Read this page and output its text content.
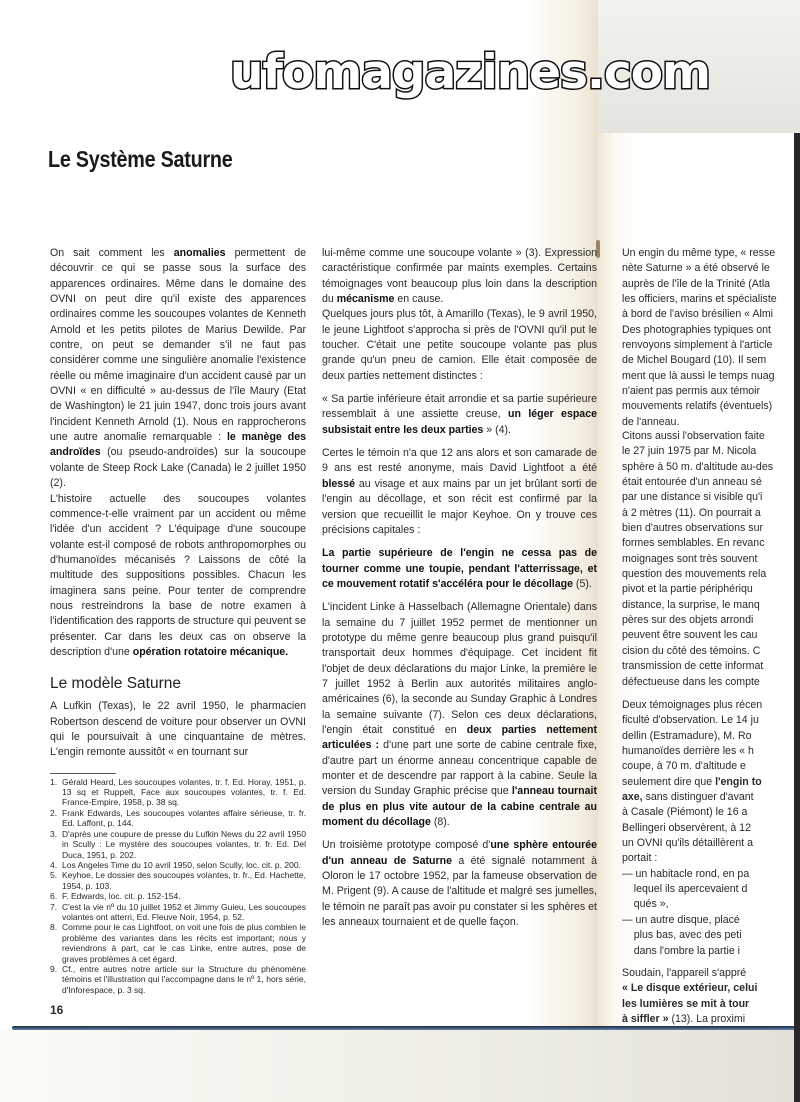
ufomagazines.com
Le Système Saturne

On sait comment les anomalies permettent de découvrir ce qui se passe sous la surface des apparences ordinaires. Même dans le domaine des OVNI on peut dire qu'il existe des apparences ordinaires comme les soucoupes volantes de Kenneth Arnold et les petits pilotes de Marius Dewilde. Par contre, on peut se demander s'il ne faut pas considérer comme une singulière anomalie l'existence réelle ou même imaginaire d'un accident causé par un OVNI « en difficulté » au-dessus de l'île Maury (Etat de Washington) le 21 juin 1947, donc trois jours avant l'incident Kenneth Arnold (1). Nous en rapprocherons une autre anomalie remarquable : le manège des androïdes (ou pseudo-androïdes) sur la soucoupe volante de Steep Rock Lake (Canada) le 2 juillet 1950 (2).

L'histoire actuelle des soucoupes volantes commence-t-elle vraiment par un accident ou même l'idée d'un accident ? L'équipage d'une soucoupe volante est-il composé de robots anthropomorphes ou d'humanoïdes mécanisés ? Laissons de côté la multitude des suppositions possibles. Chacun les imaginera sans peine. Pour tenter de comprendre nous restreindrons la base de notre examen à l'identification des rapports de structure qui peuvent se présenter. Car dans les deux cas on observe la description d'une opération rotatoire mécanique.

Le modèle Saturne

A Lufkin (Texas), le 22 avril 1950, le pharmacien Robertson descend de voiture pour observer un OVNI qui le poursuivait à une cinquantaine de mètres. L'engin remonte aussitôt « en tournant sur

1. Gérald Heard, Les soucoupes volantes, tr. f. Ed. Horay, 1951, p. 13 sq et Ruppelt, Face aux soucoupes volantes, tr. f. Ed. France-Empire, 1958, p. 38 sq.
2. Frank Edwards, Les soucoupes volantes affaire sérieuse, tr. fr. Ed. Laffont, p. 144.
3. D'après une coupure de presse du Lufkin News du 22 avril 1950 in Scully : Le mystère des soucoupes volantes, tr. fr. Ed. Del Duca, 1951, p. 202.
4. Los Angeles Time du 10 avril 1950, selon Scully, loc. cit. p. 200.
5. Keyhoe, Le dossier des soucoupes volantes, tr. fr., Ed. Hachette, 1954, p. 103.
6. F. Edwards, loc. cit. p. 152-154.
7. C'est la vie nº du 10 juillet 1952 et Jimmy Guieu, Les soucoupes volantes ont atterri, Ed. Fleuve Noir, 1954, p. 52.
8. Comme pour le cas Lightfoot, on voit une fois de plus combien le problème des variantes dans les récits est important; nous y reviendrons à part, car le cas Linke, entre autres, pose de graves problèmes à cet égard.
9. Cf., entre autres notre article sur la Structure du phénomène témoins et l'illustration qui l'accompagne dans le nº 1, hors série, d'Inforespace, p. 3 sq.
16

lui-même comme une soucoupe volante » (3). Expression caractéristique confirmée par maints exemples. Certains témoignages vont beaucoup plus loin dans la description du mécanisme en cause.

Quelques jours plus tôt, à Amarillo (Texas), le 9 avril 1950, le jeune Lightfoot s'approcha si près de l'OVNI qu'il put le toucher. C'était une petite soucoupe volante pas plus grande qu'un pneu de camion. Elle était composée de deux parties nettement distinctes :

« Sa partie inférieure était arrondie et sa partie supérieure ressemblait à une assiette creuse, un léger espace subsistait entre les deux parties » (4).

Certes le témoin n'a que 12 ans alors et son camarade de 9 ans est resté anonyme, mais David Lightfoot a été blessé au visage et aux mains par un jet brûlant sorti de l'engin au décollage, et son récit est confirmé par la version que recueillit le major Keyhoe. On y trouve ces précisions capitales :

La partie supérieure de l'engin ne cessa pas de tourner comme une toupie, pendant l'atterrissage, et ce mouvement rotatif s'accéléra pour le décollage (5).

L'incident Linke à Hasselbach (Allemagne Orientale) dans la semaine du 7 juillet 1952 permet de mentionner un prototype du même genre beaucoup plus grand puisqu'il transportait deux hommes d'équipage. Cet incident fit l'objet de deux déclarations du major Linke, la première le 7 juillet 1952 à Berlin aux autorités militaires anglo-américaines (6), la seconde au Sunday Graphic à Londres la semaine suivante (7). Selon ces deux déclarations, l'engin était constitué en deux parties nettement articulées : d'une part une sorte de cabine centrale fixe, d'autre part un énorme anneau concentrique capable de monter et de descendre par rapport à la cabine. Seule la version du Sunday Graphic précise que l'anneau tournait de plus en plus vite autour de la cabine centrale au moment du décollage (8).

Un troisième prototype composé d'une sphère entourée d'un anneau de Saturne a été signalé notamment à Oloron le 17 octobre 1952, par la fameuse observation de M. Prigent (9). A cause de l'altitude et malgré ses jumelles, le témoin ne paraît pas avoir pu constater si les sphères et les anneaux tournaient et de quelle façon.

Un engin du même type, « resse
nète Saturne » a été observé le
auprès de l'île de la Trinité (Atla
les officiers, marins et spécialiste
à bord de l'aviso brésilien « Almi
Des photographies typiques ont
renvoyons simplement à l'article
de Michel Bougard (10). Il sem
ment que là aussi le temps nuag
n'aient pas permis aux témoir
mouvements relatifs (éventuels)
de l'anneau.
Citons aussi l'observation faite
le 27 juin 1975 par M. Nicola
sphère à 50 m. d'altitude au-des
était entourée d'un anneau sé
par une distance si visible qu'i
à 2 mètres (11). On pourrait a
bien d'autres observations sur
formes semblables. En revanc
moignages sont très souvent
question des mouvements rela
pivot et la partie périphériqu
distance, la surprise, le manq
pères sur des objets arrondi
peuvent être souvent les cau
cision du côté des témoins. C
transmission de cette informat
défectueuse dans les compte
Deux témoignages plus récen
ficulté d'observation. Le 14 ju
dellin (Estramadure), M. Ro
humanoïdes derrière les « h
coupe, à 70 m. d'altitude e
seulement dire que l'engin to
axe, sans distinguer d'avant
à Casale (Piémont) le 16 a
Bellingeri observèrent, à 12
un OVNI qu'ils détaillèrent a
portait :
— un habitacle rond, en pa
lequel ils apercevaient d
qués »,
— un autre disque, placé
plus bas, avec des peti
dans l'ombre la partie i
Soudain, l'appareil s'appré
« Le disque extérieur, celui
les lumières se mit à tour
à siffler » (13). La proximi
